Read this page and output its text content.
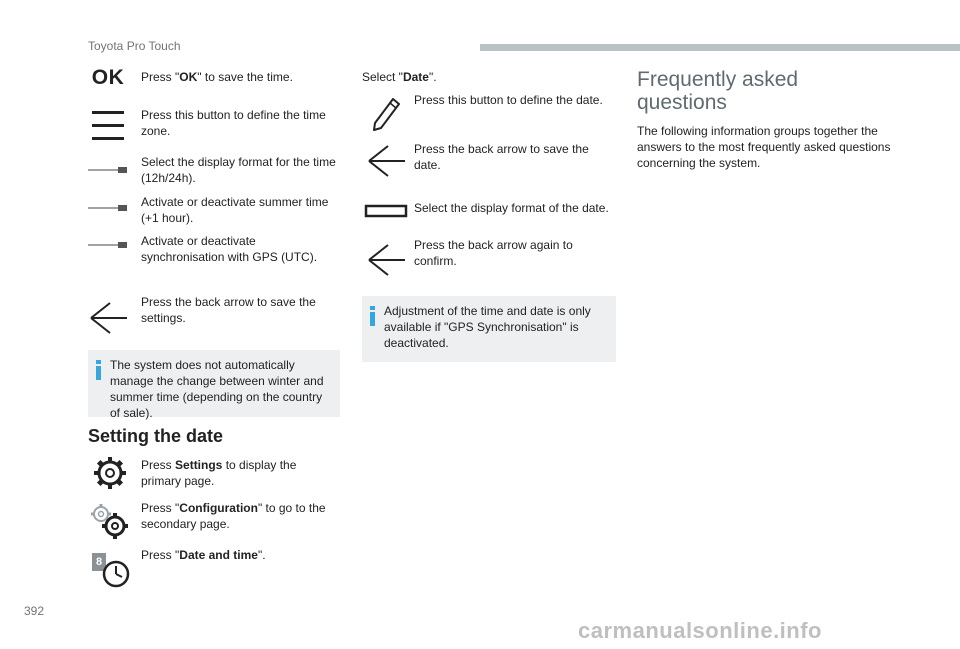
Toyota Pro Touch
OK Press "OK" to save the time.
Press this button to define the time zone.
Select the display format for the time (12h/24h).
Activate or deactivate summer time (+1 hour).
Activate or deactivate synchronisation with GPS (UTC).
Press the back arrow to save the settings.
The system does not automatically manage the change between winter and summer time (depending on the country of sale).
Setting the date
Press Settings to display the primary page.
Press "Configuration" to go to the secondary page.
8	Press "Date and time".
Select "Date".
Press this button to define the date.
Press the back arrow to save the date.
Select the display format of the date.
Press the back arrow again to confirm.
Adjustment of the time and date is only available if "GPS Synchronisation" is deactivated.
Frequently asked questions
The following information groups together the answers to the most frequently asked questions concerning the system.
392
carmanualsonline.info
